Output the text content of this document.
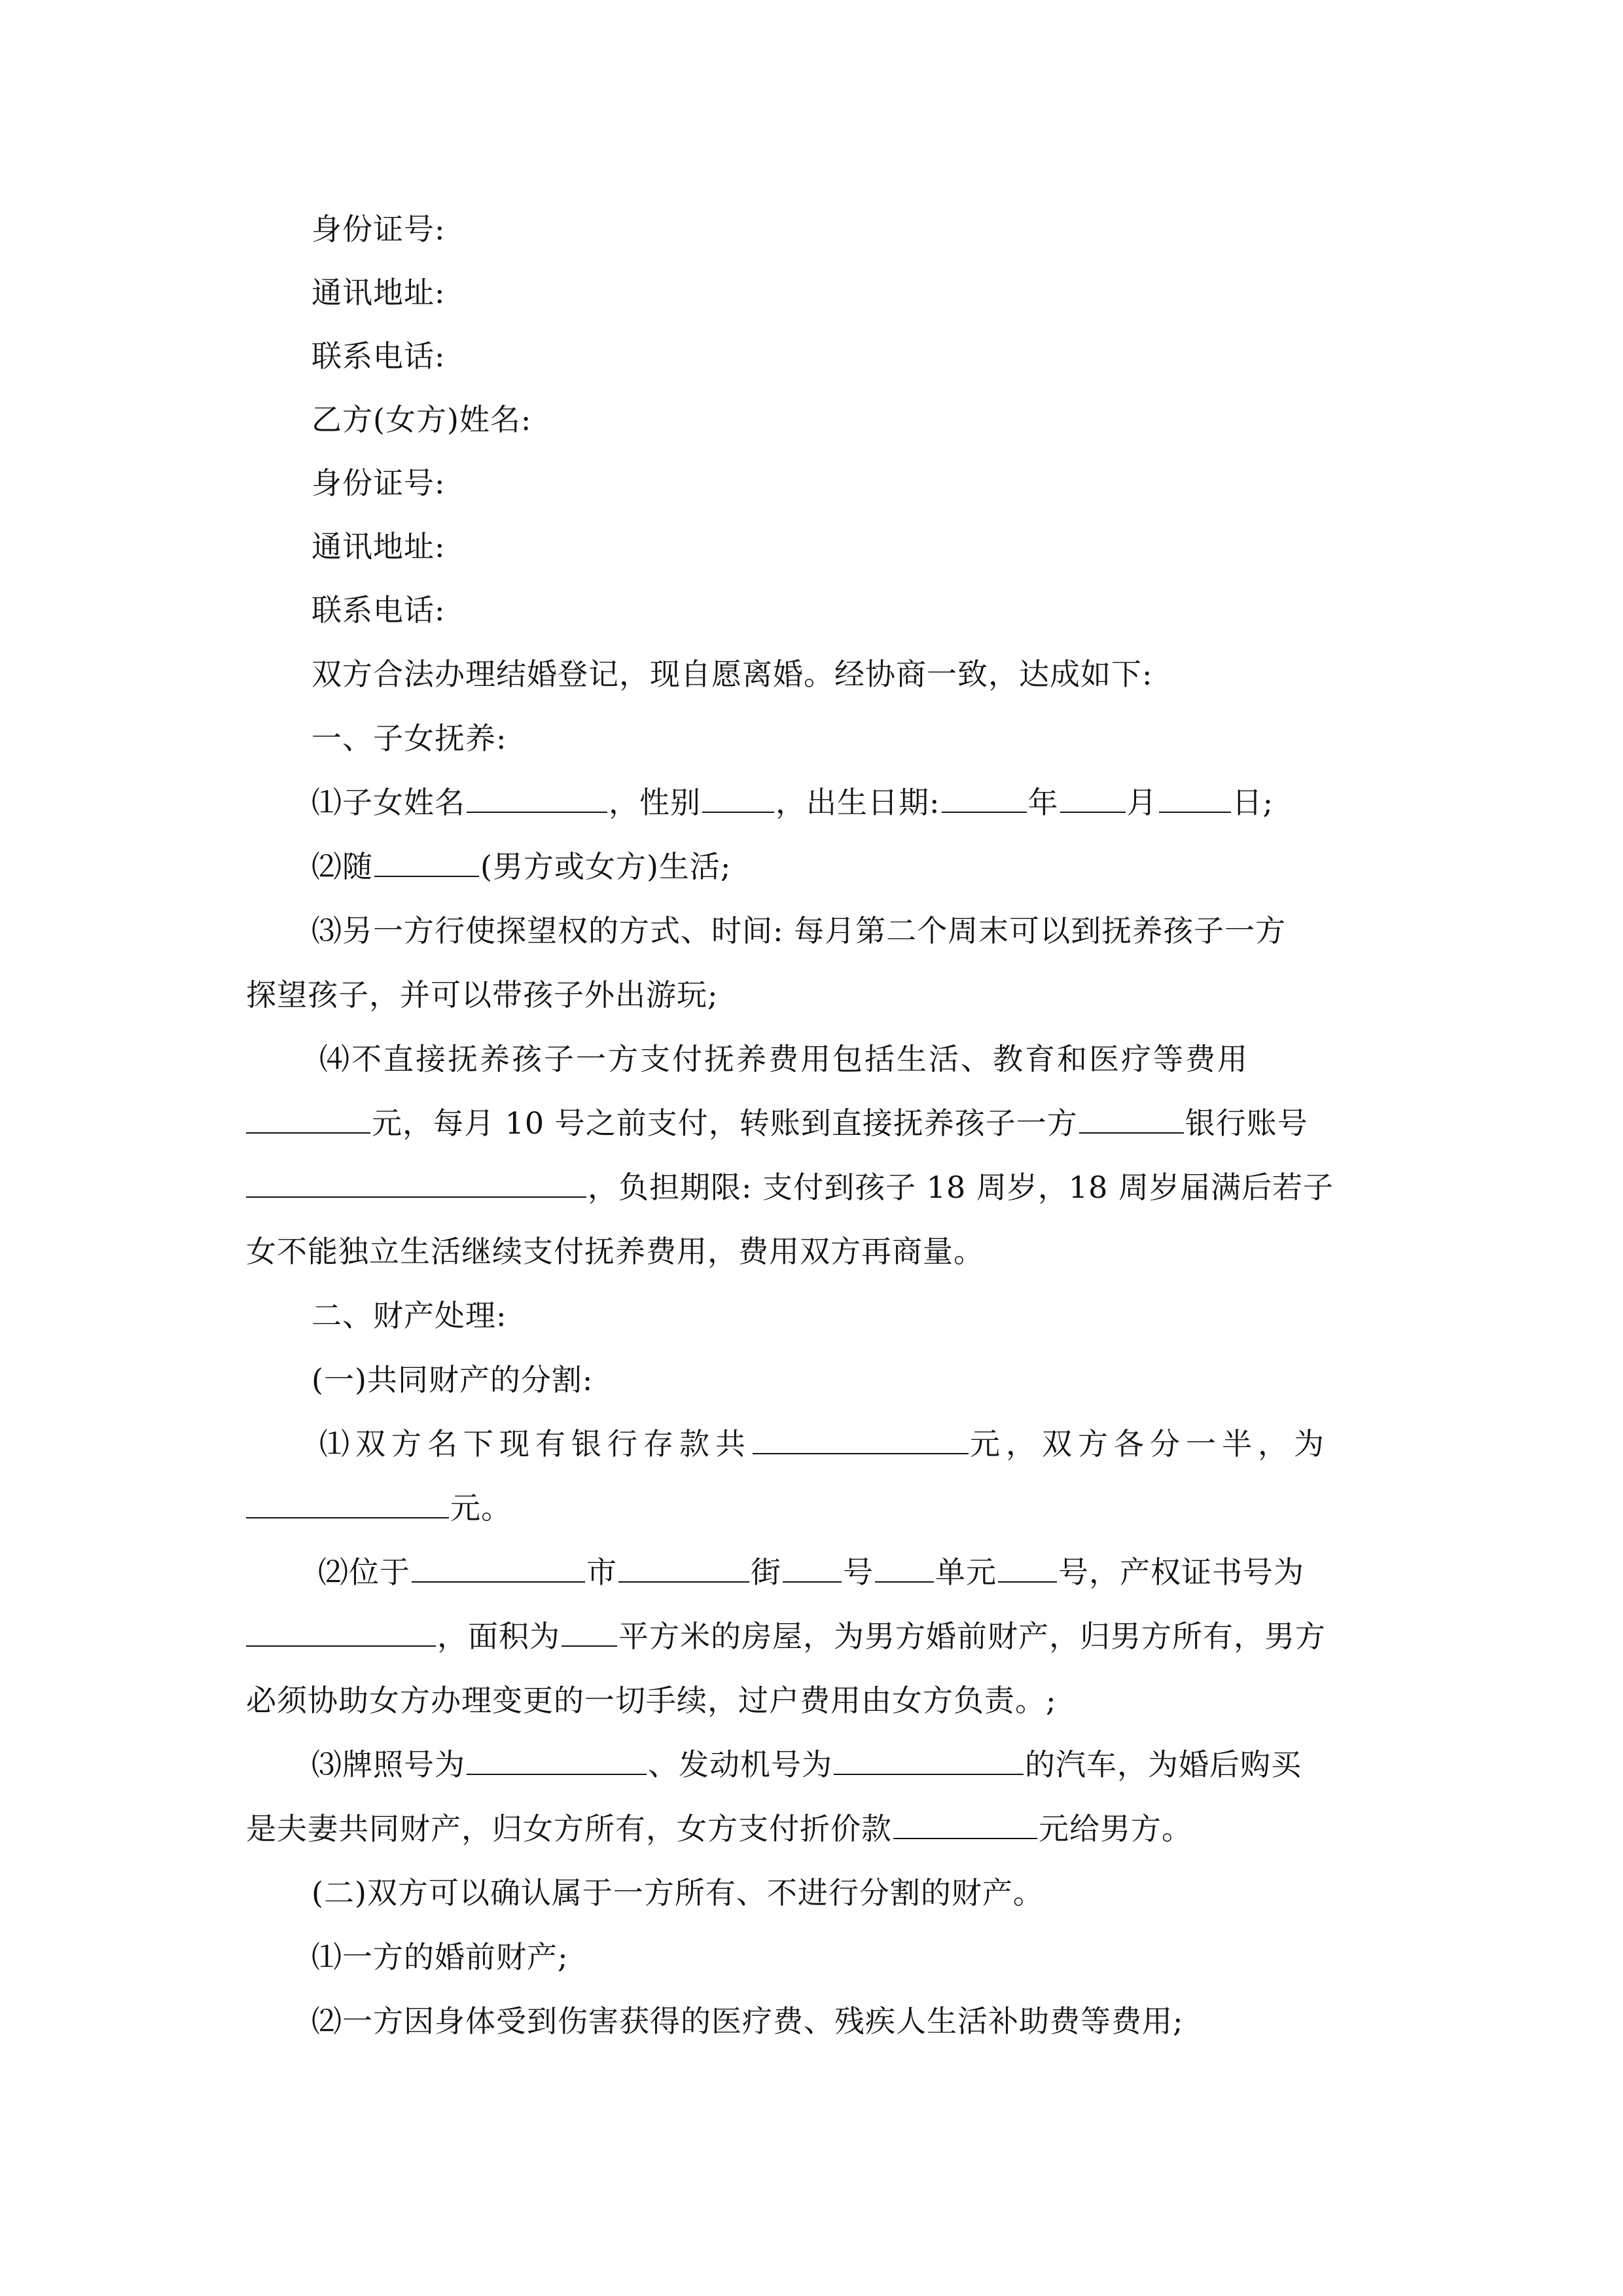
身份证号:
通讯地址:
联系电话:
乙方(女方)姓名:
身份证号:
通讯地址:
联系电话:
双方合法办理结婚登记，现自愿离婚。经协商一致，达成如下:
一、子女抚养:
⑴子女姓名	，性别 ，出生日期:	年 月 日;
⑵随	(男方或女方)生活;
⑶另一方行使探望权的方式、时间: 每月第二个周末可以到抚养孩子一方
探望孩子，并可以带孩子外出游玩;
⑷不直接抚养孩子一方支付抚养费用包括生活、教育和医疗等费用
元，每月 10 号之前支付，转账到直接抚养孩子一方	银行账号
，负担期限: 支付到孩子 18 周岁，18 周岁届满后若子
女不能独立生活继续支付抚养费用，费用双方再商量。
二、财产处理:
(一)共同财产的分割:
⑴双方名下现有银行存款共	元，双方各分一半，为
元。
⑵位于	市	街 号 单元 号，产权证书号为
，面积为 平方米的房屋，为男方婚前财产，归男方所有，男方
必须协助女方办理变更的一切手续，过户费用由女方负责。;
⑶牌照号为	、发动机号为	的汽车，为婚后购买
是夫妻共同财产，归女方所有，女方支付折价款	元给男方。
(二)双方可以确认属于一方所有、不进行分割的财产。
⑴一方的婚前财产;
⑵一方因身体受到伤害获得的医疗费、残疾人生活补助费等费用;
